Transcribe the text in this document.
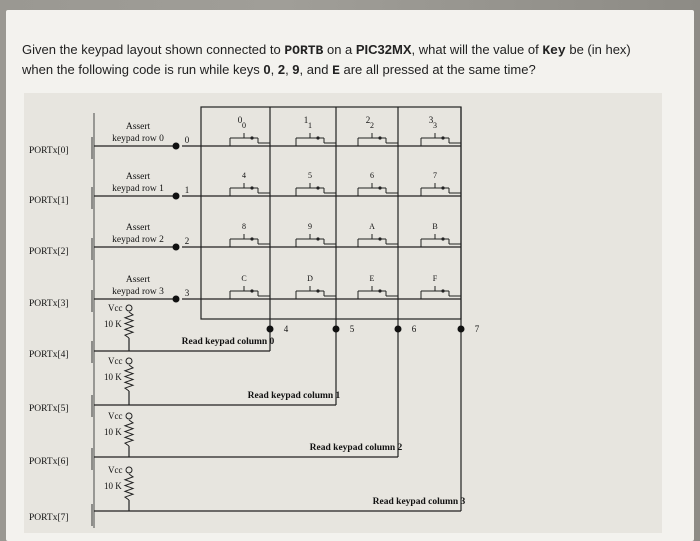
Given the keypad layout shown connected to PORTB on a PIC32MX, what will the value of Key be (in hex)
when the following code is run while keys 0, 2, 9, and E are all pressed at the same time?
0	1	2	3
Assert
keypad row 0 0
Assert
keypad row 1 1
Assert
keypad row 2 2
Assert
keypad row 3 3
PORTx[0]
PORTx[1]
PORTx[2]
PORTx[3]
PORTx[4]
PORTx[5]
PORTx[6]
PORTx[7]
0	1	2	3
4	5	6	7
8	9	A	B
C	D	E	F
4	5	6	7
Vcc
10 K
Read keypad column 0
Vcc
10 K
Read keypad column 1
Vcc
10 K
Read keypad column 2
Vcc
10 K
Read keypad column 3
